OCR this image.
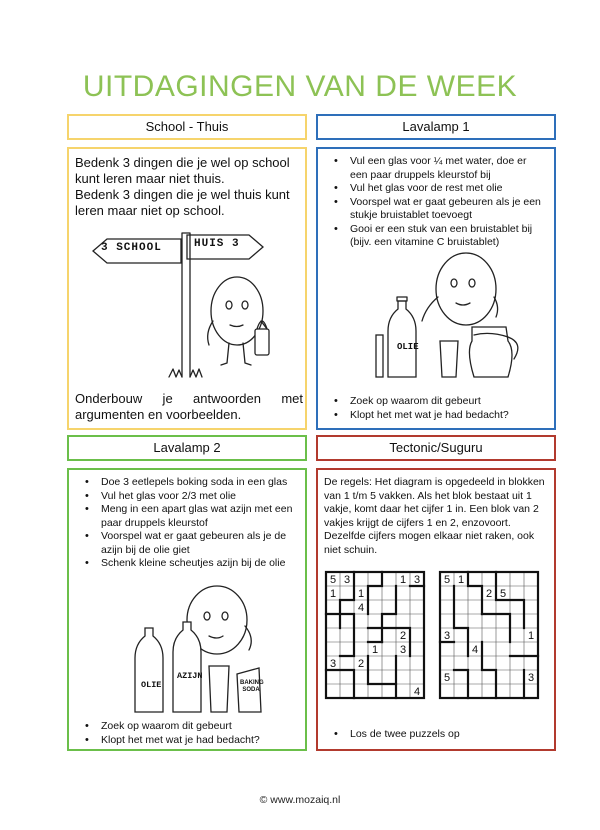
UITDAGINGEN VAN DE WEEK
School - Thuis
Bedenk 3 dingen die je wel op school kunt leren maar niet thuis.
Bedenk 3 dingen die je wel thuis kunt leren maar niet op school.
3 SCHOOL	HUIS 3
Onderbouw je antwoorden met argumenten en voorbeelden.
Lavalamp 1
• Vul een glas voor ¼ met water, doe er een paar druppels kleurstof bij
• Vul het glas voor de rest met olie
• Voorspel wat er gaat gebeuren als je een stukje bruistablet toevoegt
• Gooi er een stuk van een bruistablet bij (bijv. een vitamine C bruistablet)
OLIE
• Zoek op waarom dit gebeurt
• Klopt het met wat je had bedacht?
Lavalamp 2
• Doe 3 eetlepels boking soda in een glas
• Vul het glas voor 2/3 met olie
• Meng in een apart glas wat azijn met een paar druppels kleurstof
• Voorspel wat er gaat gebeuren als je de azijn bij de olie giet
• Schenk kleine scheutjes azijn bij de olie
OLIE
AZIJN
BAKING SODA
• Zoek op waarom dit gebeurt
• Klopt het met wat je had bedacht?
Tectonic/Suguru
De regels: Het diagram is opgedeeld in blokken van 1 t/m 5 vakken. Als het blok bestaat uit 1 vakje, komt daar het cijfer 1 in. Een blok van 2 vakjes krijgt de cijfers 1 en 2, enzovoort. Dezelfde cijfers mogen elkaar niet raken, ook niet schuin.
5 3	1 3
1 1
4
2
1 3
3 2
4
5 1
2 5
3	1
4
5	3
• Los de twee puzzels op
© www.mozaiq.nl
